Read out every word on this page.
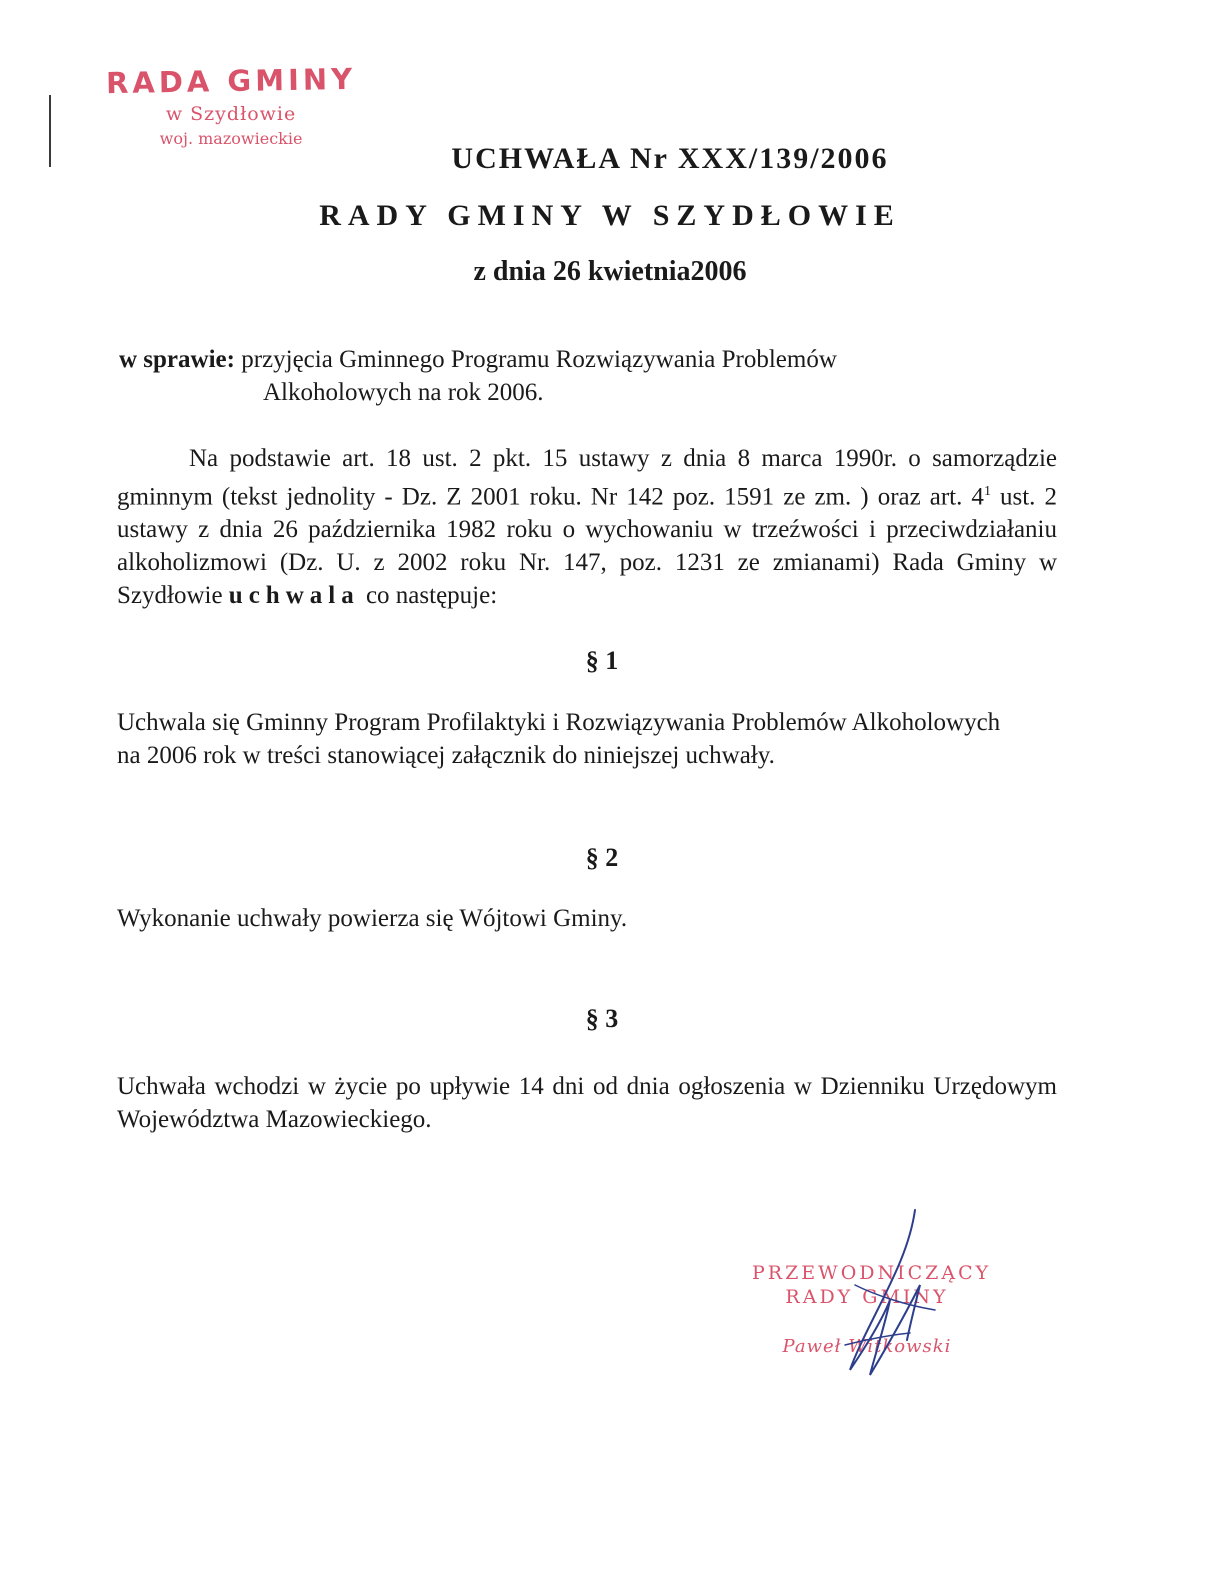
RADA GMINY
w Szydłowie
woj. mazowieckie
UCHWAŁA Nr XXX/139/2006
RADY GMINY W SZYDŁOWIE
z dnia 26 kwietnia2006
w sprawie: przyjęcia Gminnego Programu Rozwiązywania Problemów
Alkoholowych na rok 2006.
Na podstawie art. 18 ust. 2 pkt. 15 ustawy z dnia 8 marca 1990r. o samorządzie gminnym (tekst jednolity - Dz. Z 2001 roku. Nr 142 poz. 1591 ze zm. ) oraz art. $4^1$ ust. 2 ustawy z dnia 26 października 1982 roku o wychowaniu w trzeźwości i przeciwdziałaniu alkoholizmowi (Dz. U. z 2002 roku Nr. 147, poz. 1231 ze zmianami) Rada Gminy w Szydłowie uchwala co następuje:
§ 1
Uchwala się Gminny Program Profilaktyki i Rozwiązywania Problemów Alkoholowych na 2006 rok w treści stanowiącej załącznik do niniejszej uchwały.
§ 2
Wykonanie uchwały powierza się Wójtowi Gminy.
§ 3
Uchwała wchodzi w życie po upływie 14 dni od dnia ogłoszenia w Dzienniku Urzędowym Województwa Mazowieckiego.
PRZEWODNICZĄCY
RADY GMINY
Paweł Witkowski
